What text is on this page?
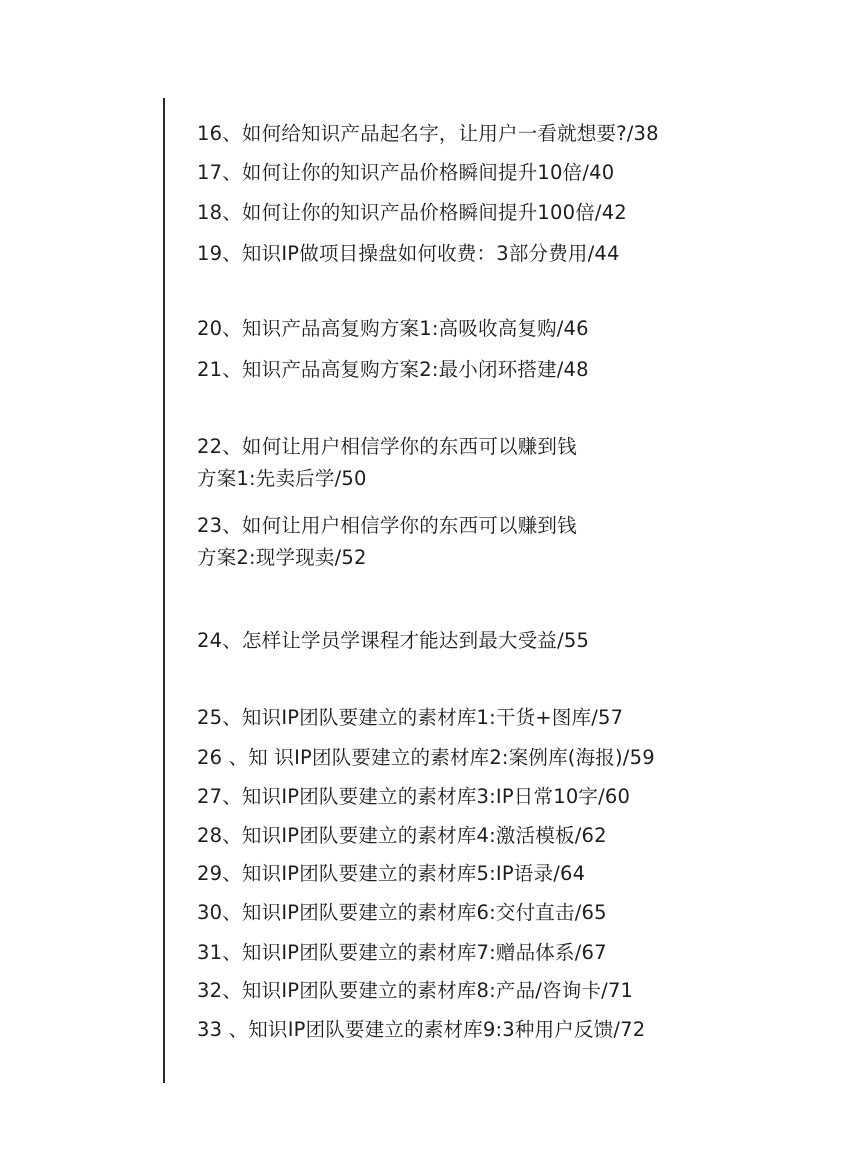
16、如何给知识产品起名字，让用户一看就想要?/38
17、如何让你的知识产品价格瞬间提升10倍/40
18、如何让你的知识产品价格瞬间提升100倍/42
19、知识IP做项目操盘如何收费：3部分费用/44
20、知识产品高复购方案1:高吸收高复购/46
21、知识产品高复购方案2:最小闭环搭建/48
22、如何让用户相信学你的东西可以赚到钱
方案1:先卖后学/50
23、如何让用户相信学你的东西可以赚到钱
方案2:现学现卖/52
24、怎样让学员学课程才能达到最大受益/55
25、知识IP团队要建立的素材库1:干货+图库/57
26 、知 识IP团队要建立的素材库2:案例库(海报)/59
27、知识IP团队要建立的素材库3:IP日常10字/60
28、知识IP团队要建立的素材库4:激活模板/62
29、知识IP团队要建立的素材库5:IP语录/64
30、知识IP团队要建立的素材库6:交付直击/65
31、知识IP团队要建立的素材库7:赠品体系/67
32、知识IP团队要建立的素材库8:产品/咨询卡/71
33 、知识IP团队要建立的素材库9:3种用户反馈/72
